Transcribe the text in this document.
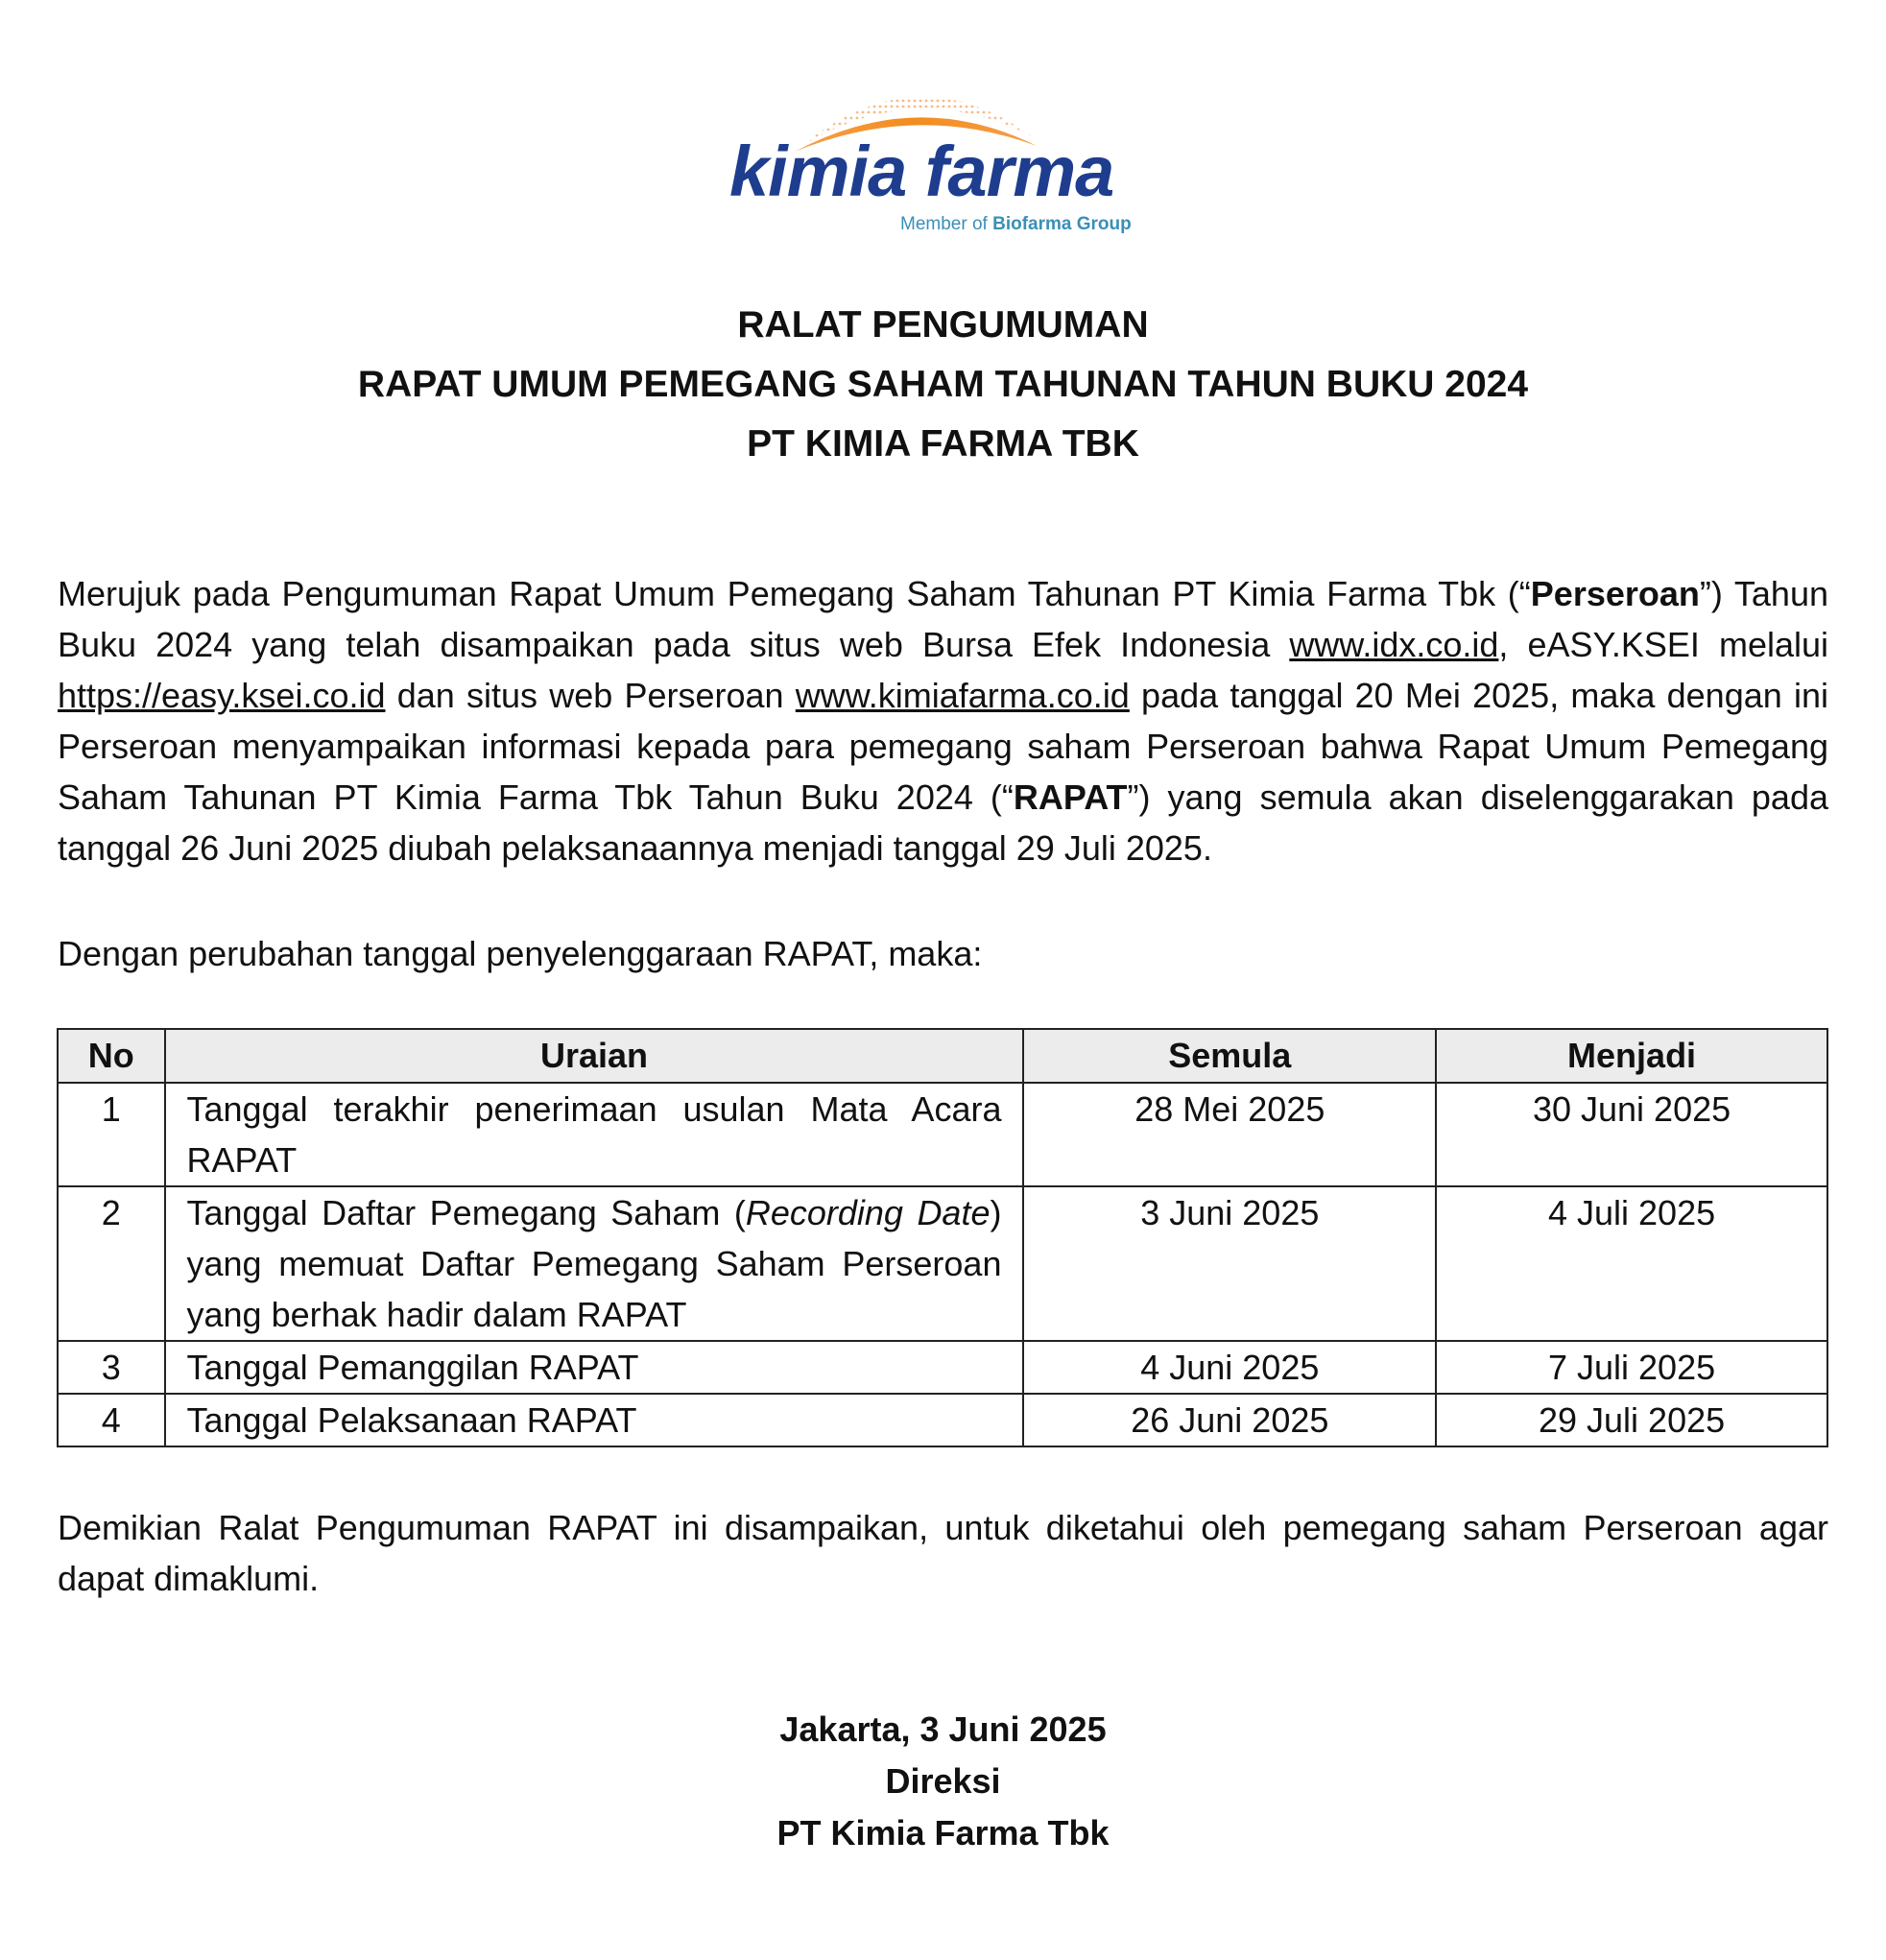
kimia farma
Member of Biofarma Group
RALAT PENGUMUMAN
RAPAT UMUM PEMEGANG SAHAM TAHUNAN TAHUN BUKU 2024
PT KIMIA FARMA TBK
Merujuk pada Pengumuman Rapat Umum Pemegang Saham Tahunan PT Kimia Farma Tbk (“Perseroan”) Tahun Buku 2024 yang telah disampaikan pada situs web Bursa Efek Indonesia www.idx.co.id, eASY.KSEI melalui https://easy.ksei.co.id dan situs web Perseroan www.kimiafarma.co.id pada tanggal 20 Mei 2025, maka dengan ini Perseroan menyampaikan informasi kepada para pemegang saham Perseroan bahwa Rapat Umum Pemegang Saham Tahunan PT Kimia Farma Tbk Tahun Buku 2024 (“RAPAT”) yang semula akan diselenggarakan pada tanggal 26 Juni 2025 diubah pelaksanaannya menjadi tanggal 29 Juli 2025.
Dengan perubahan tanggal penyelenggaraan RAPAT, maka:
No	Uraian	Semula	Menjadi
1	Tanggal terakhir penerimaan usulan Mata Acara RAPAT	28 Mei 2025	30 Juni 2025
2	Tanggal Daftar Pemegang Saham (Recording Date) yang memuat Daftar Pemegang Saham Perseroan yang berhak hadir dalam RAPAT	3 Juni 2025	4 Juli 2025
3	Tanggal Pemanggilan RAPAT	4 Juni 2025	7 Juli 2025
4	Tanggal Pelaksanaan RAPAT	26 Juni 2025	29 Juli 2025
Demikian Ralat Pengumuman RAPAT ini disampaikan, untuk diketahui oleh pemegang saham Perseroan agar dapat dimaklumi.
Jakarta, 3 Juni 2025
Direksi
PT Kimia Farma Tbk
